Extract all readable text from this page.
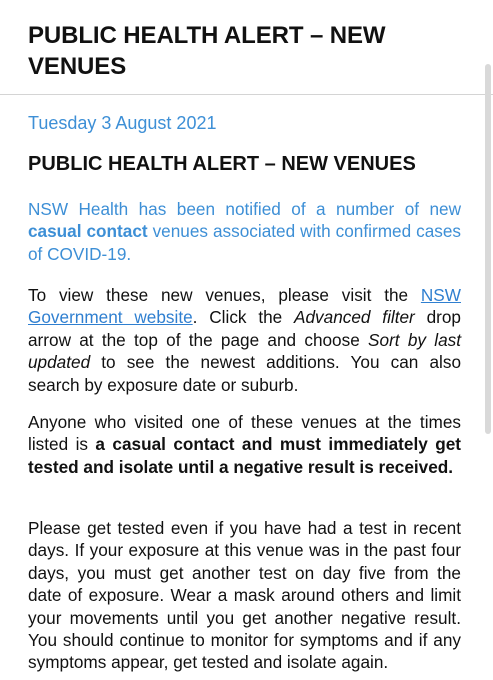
PUBLIC HEALTH ALERT – NEW VENUES
Tuesday 3 August 2021
PUBLIC HEALTH ALERT – NEW VENUES

NSW Health has been notified of a number of new casual contact venues associated with confirmed cases of COVID-19.

To view these new venues, please visit the NSW Government website. Click the Advanced filter drop arrow at the top of the page and choose Sort by last updated to see the newest additions. You can also search by exposure date or suburb.

Anyone who visited one of these venues at the times listed is a casual contact and must immediately get tested and isolate until a negative result is received.

Please get tested even if you have had a test in recent days. If your exposure at this venue was in the past four days, you must get another test on day five from the date of exposure. Wear a mask around others and limit your movements until you get another negative result. You should continue to monitor for symptoms and if any symptoms appear, get tested and isolate again.
